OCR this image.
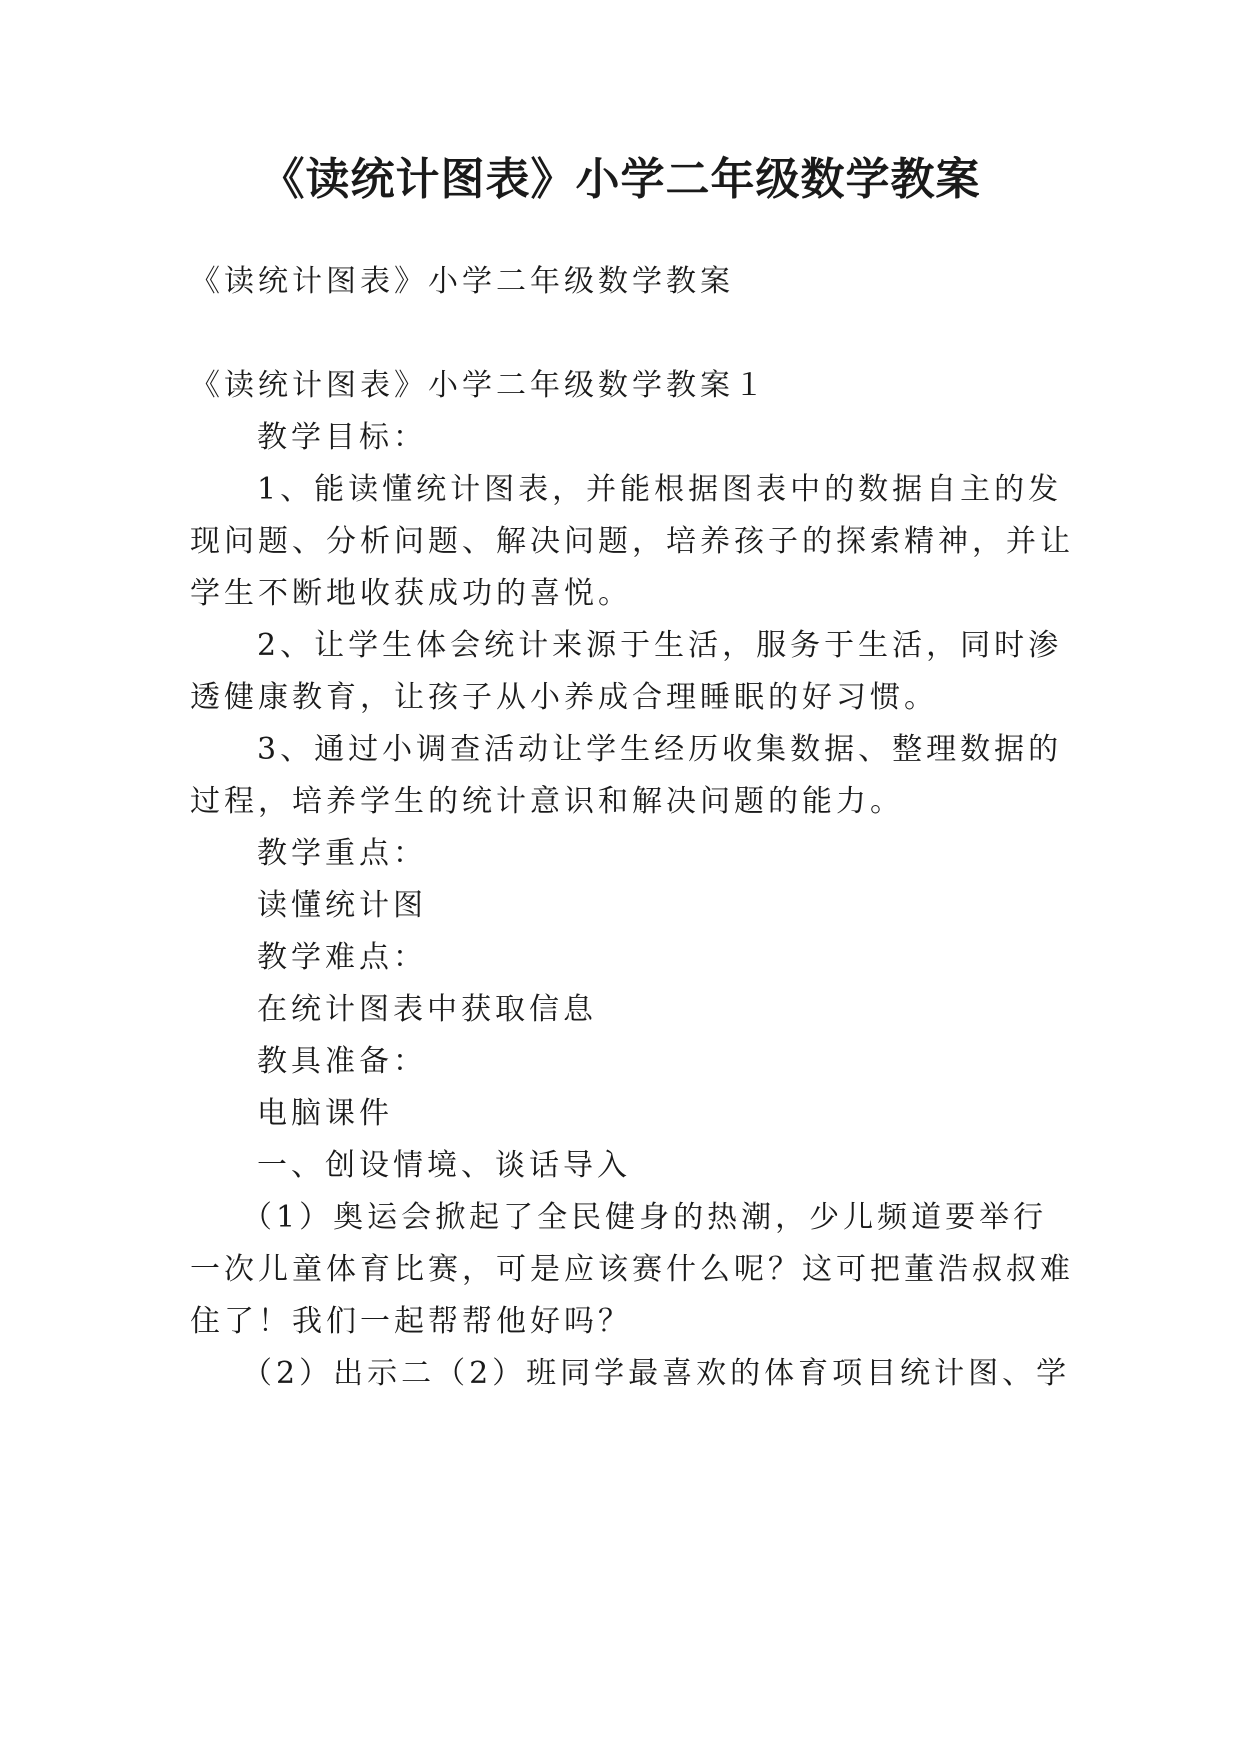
《读统计图表》小学二年级数学教案
《读统计图表》小学二年级数学教案
《读统计图表》小学二年级数学教案１
教学目标：
1、能读懂统计图表，并能根据图表中的数据自主的发
现问题、分析问题、解决问题，培养孩子的探索精神，并让
学生不断地收获成功的喜悦。
2、让学生体会统计来源于生活，服务于生活，同时渗
透健康教育，让孩子从小养成合理睡眠的好习惯。
3、通过小调查活动让学生经历收集数据、整理数据的
过程，培养学生的统计意识和解决问题的能力。
教学重点：
读懂统计图
教学难点：
在统计图表中获取信息
教具准备：
电脑课件
一、创设情境、谈话导入
（1）奥运会掀起了全民健身的热潮，少儿频道要举行
一次儿童体育比赛，可是应该赛什么呢？这可把董浩叔叔难
住了！我们一起帮帮他好吗？
（2）出示二（2）班同学最喜欢的体育项目统计图、学
